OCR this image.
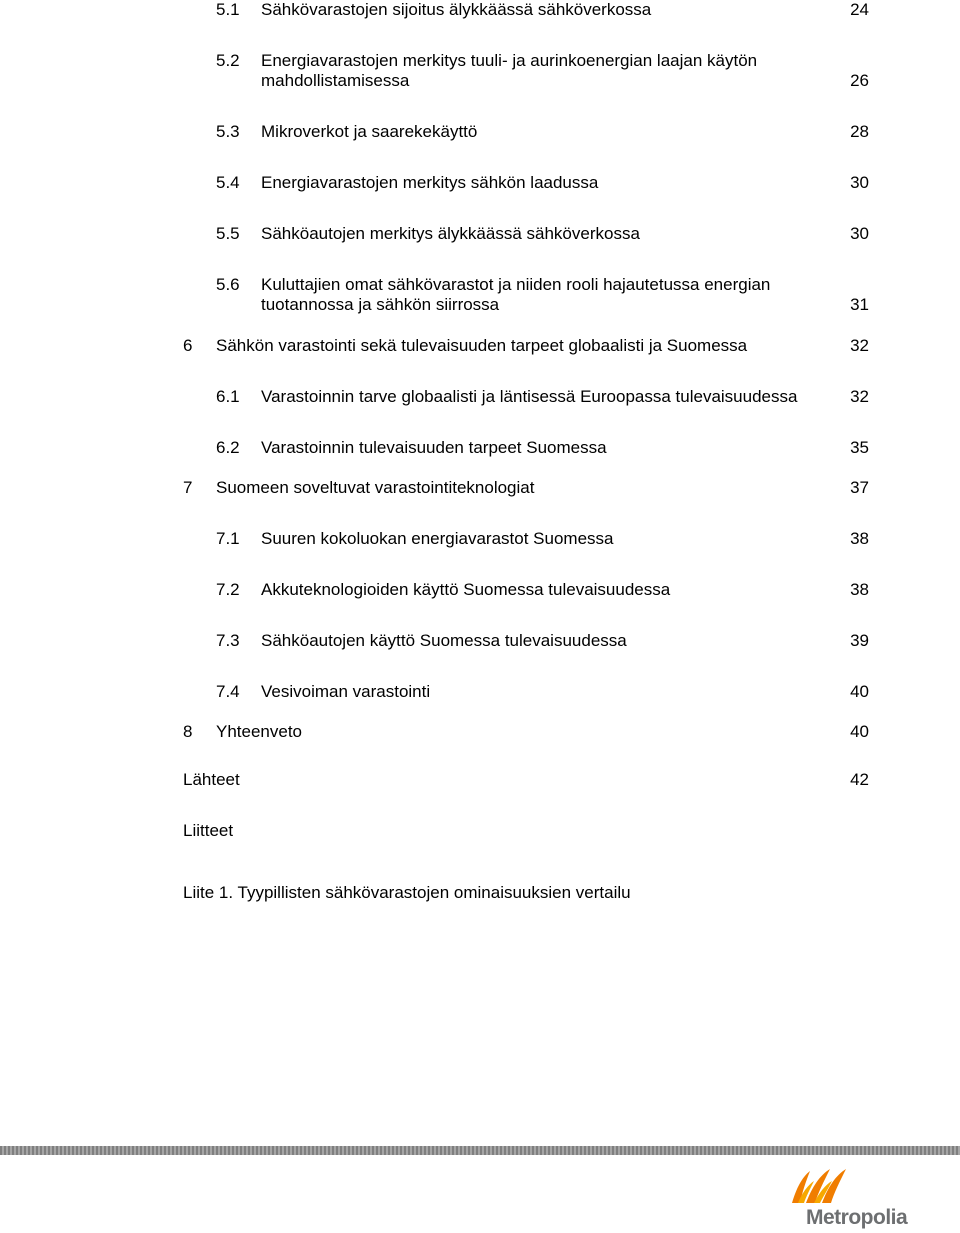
5.1 Sähkövarastojen sijoitus älykkäässä sähköverkossa	24
5.2 Energiavarastojen merkitys tuuli- ja aurinkoenergian laajan käytön
mahdollistamisessa	26
5.3 Mikroverkot ja saarekekäyttö	28
5.4 Energiavarastojen merkitys sähkön laadussa	30
5.5 Sähköautojen merkitys älykkäässä sähköverkossa	30
5.6 Kuluttajien omat sähkövarastot ja niiden rooli hajautetussa energian
tuotannossa ja sähkön siirrossa	31
6 Sähkön varastointi sekä tulevaisuuden tarpeet globaalisti ja Suomessa	32
6.1 Varastoinnin tarve globaalisti ja läntisessä Euroopassa tulevaisuudessa	32
6.2 Varastoinnin tulevaisuuden tarpeet Suomessa	35
7 Suomeen soveltuvat varastointiteknologiat	37
7.1 Suuren kokoluokan energiavarastot Suomessa	38
7.2 Akkuteknologioiden käyttö Suomessa tulevaisuudessa	38
7.3 Sähköautojen käyttö Suomessa tulevaisuudessa	39
7.4 Vesivoiman varastointi	40
8 Yhteenveto	40
Lähteet	42
Liitteet
Liite 1. Tyypillisten sähkövarastojen ominaisuuksien vertailu
Metropolia
